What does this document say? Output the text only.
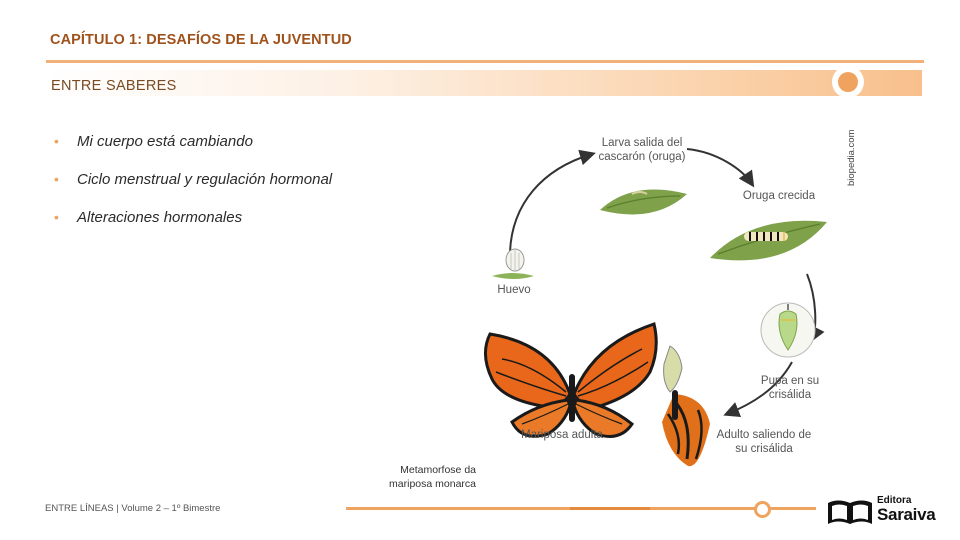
CAPÍTULO 1: DESAFÍOS DE LA JUVENTUD
ENTRE SABERES
•	Mi cuerpo está cambiando
•	Ciclo menstrual y regulación hormonal
•	Alteraciones hormonales
biopedia.com
Larva salida del cascarón (oruga)
Oruga crecida
Pupa en su crisálida
Adulto saliendo de su crisálida
Mariposa adulta
Huevo
Metamorfose da mariposa monarca
ENTRE LÍNEAS | Volume 2 – 1º Bimestre
Editora
Saraiva
